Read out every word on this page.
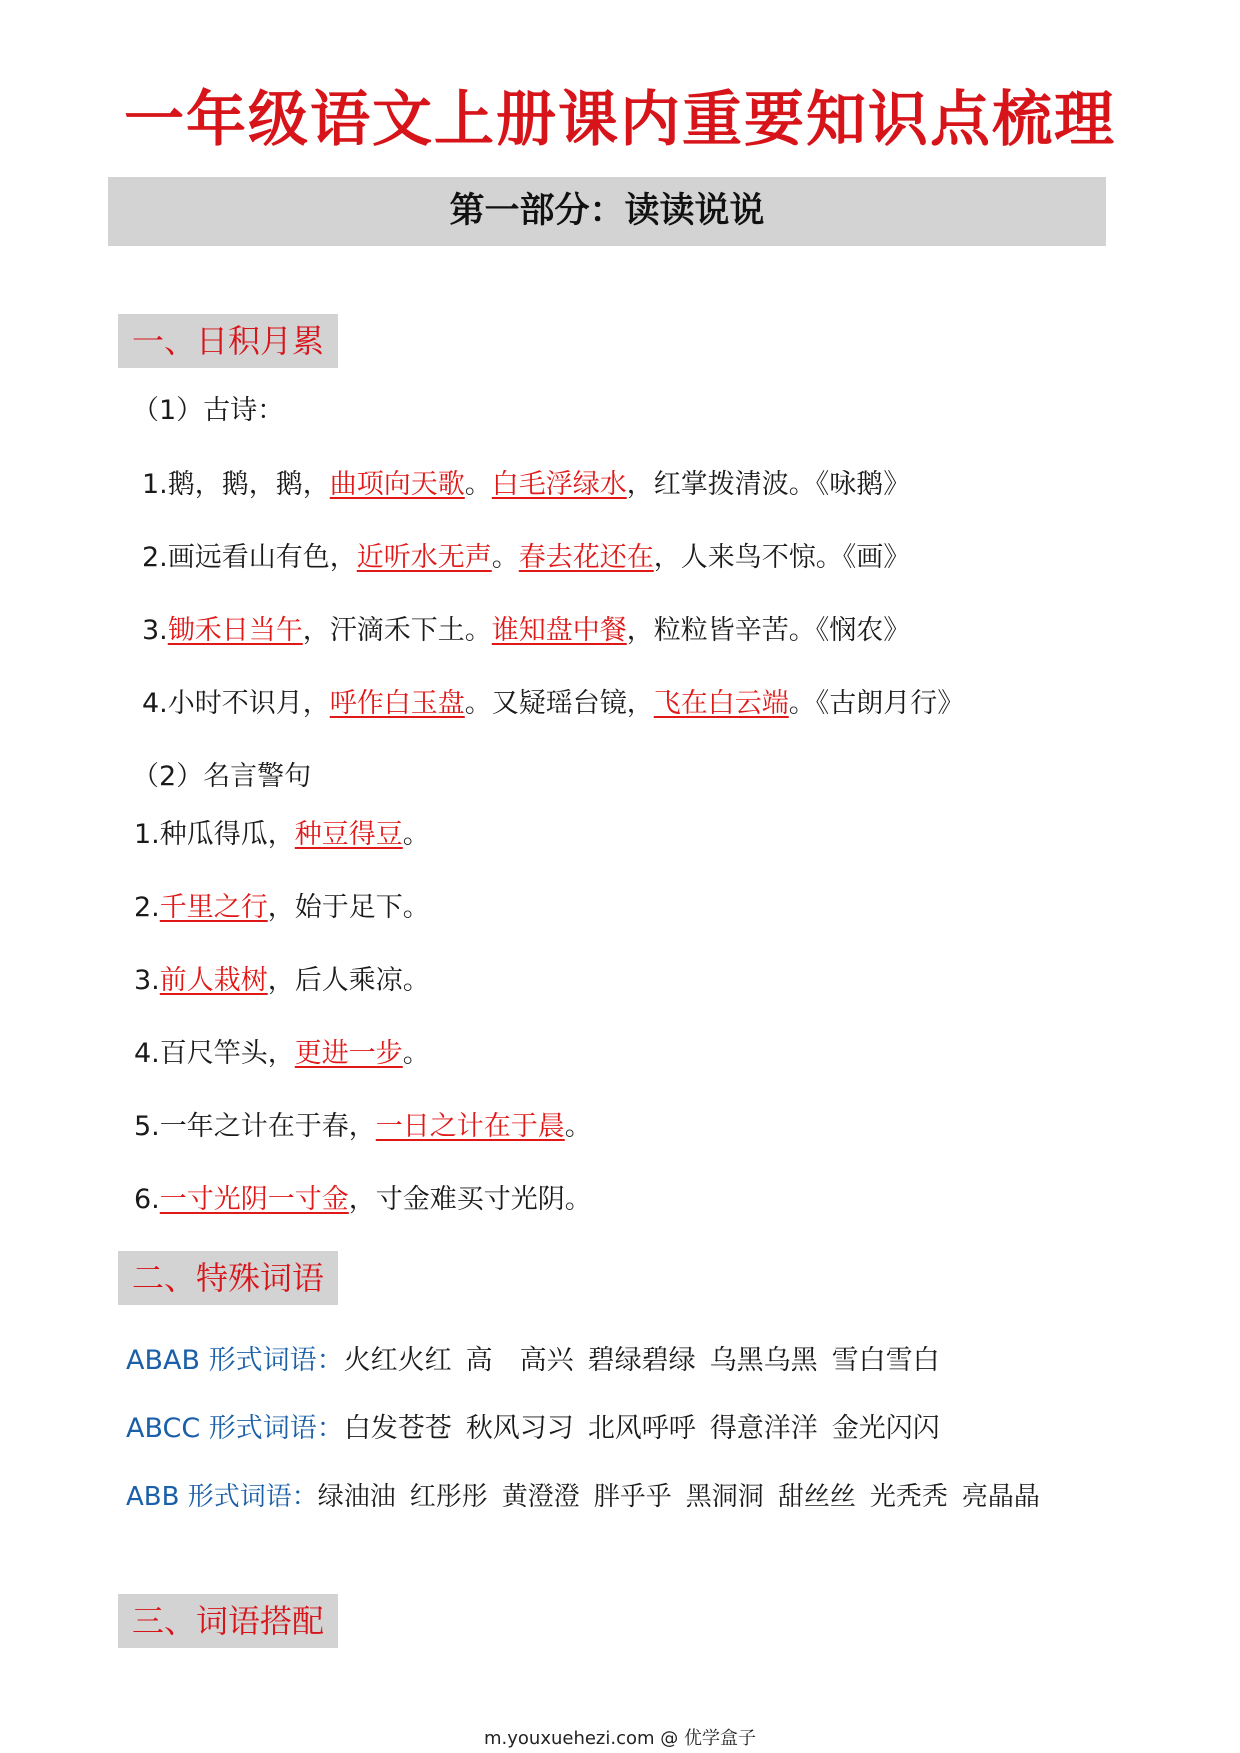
一年级语文上册课内重要知识点梳理
第一部分：读读说说
一、日积月累
（1）古诗：
1.鹅，鹅，鹅，曲项向天歌。白毛浮绿水，红掌拨清波。《咏鹅》
2.画远看山有色，近听水无声。春去花还在，人来鸟不惊。《画》
3.锄禾日当午，汗滴禾下土。谁知盘中餐，粒粒皆辛苦。《悯农》
4.小时不识月，呼作白玉盘。又疑瑶台镜，飞在白云端。《古朗月行》
（2）名言警句
1.种瓜得瓜，种豆得豆。
2.千里之行，始于足下。
3.前人栽树，后人乘凉。
4.百尺竿头，更进一步。
5.一年之计在于春，一日之计在于晨。
6.一寸光阴一寸金，寸金难买寸光阴。
二、特殊词语
ABAB 形式词语：火红火红 高　高兴 碧绿碧绿 乌黑乌黑 雪白雪白
ABCC 形式词语：白发苍苍 秋风习习 北风呼呼 得意洋洋 金光闪闪
ABB 形式词语：绿油油 红彤彤 黄澄澄 胖乎乎 黑洞洞 甜丝丝 光秃秃 亮晶晶
三、词语搭配
m.youxuehezi.com @ 优学盒子
